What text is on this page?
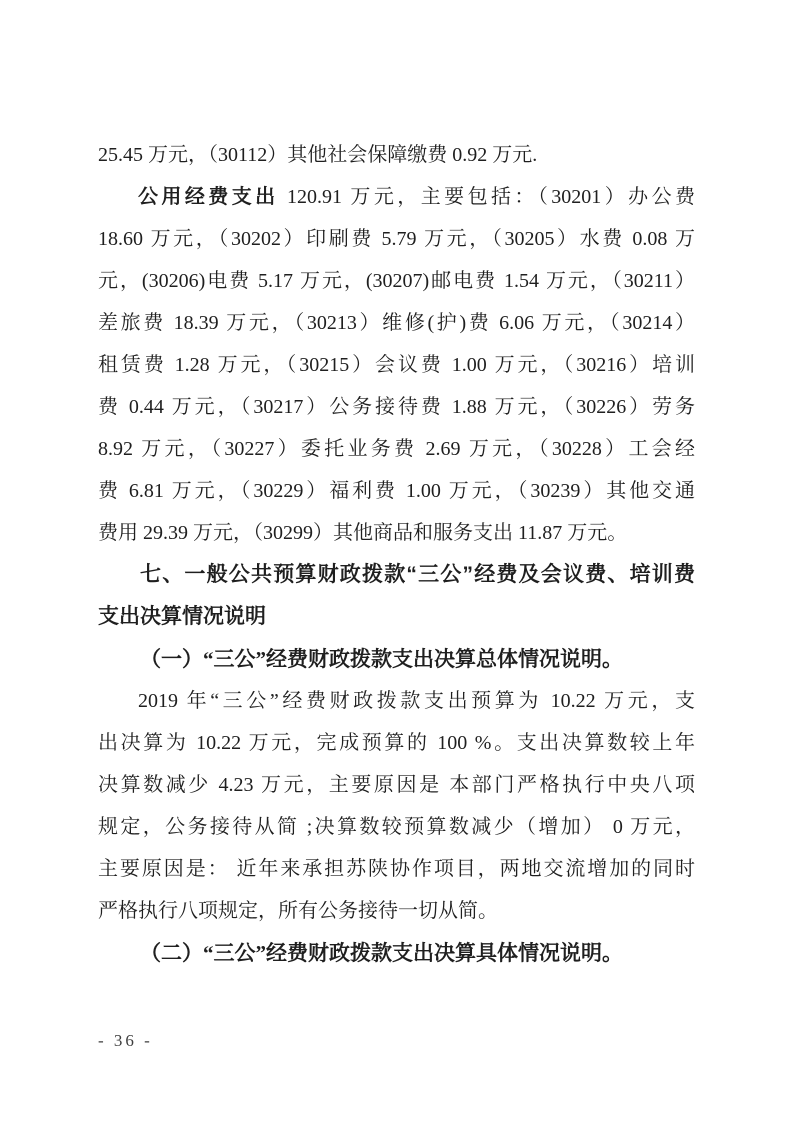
25.45 万元，（30112）其他社会保障缴费 0.92 万元.
公用经费支出 120.91 万元，主要包括：（30201）办公费
18.60 万元，（30202）印刷费 5.79 万元，（30205）水费 0.08 万
元，(30206)电费 5.17 万元，(30207)邮电费 1.54 万元，（30211）
差旅费 18.39 万元，（30213）维修(护)费 6.06 万元，（30214）
租赁费 1.28 万元，（30215）会议费 1.00 万元，（30216）培训
费 0.44 万元，（30217）公务接待费 1.88 万元，（30226）劳务
8.92 万元，（30227）委托业务费 2.69 万元，（30228）工会经
费 6.81 万元，（30229）福利费 1.00 万元，（30239）其他交通
费用 29.39 万元，（30299）其他商品和服务支出 11.87 万元。
七、一般公共预算财政拨款“三公”经费及会议费、培训费
支出决算情况说明
（一）“三公”经费财政拨款支出决算总体情况说明。
2019 年“三公”经费财政拨款支出预算为 10.22 万元，支
出决算为 10.22 万元，完成预算的 100 %。支出决算数较上年
决算数减少 4.23 万元，主要原因是 本部门严格执行中央八项
规定，公务接待从简 ;决算数较预算数减少（增加） 0 万元，
主要原因是： 近年来承担苏陕协作项目，两地交流增加的同时
严格执行八项规定，所有公务接待一切从简。
（二）“三公”经费财政拨款支出决算具体情况说明。
- 36 -
